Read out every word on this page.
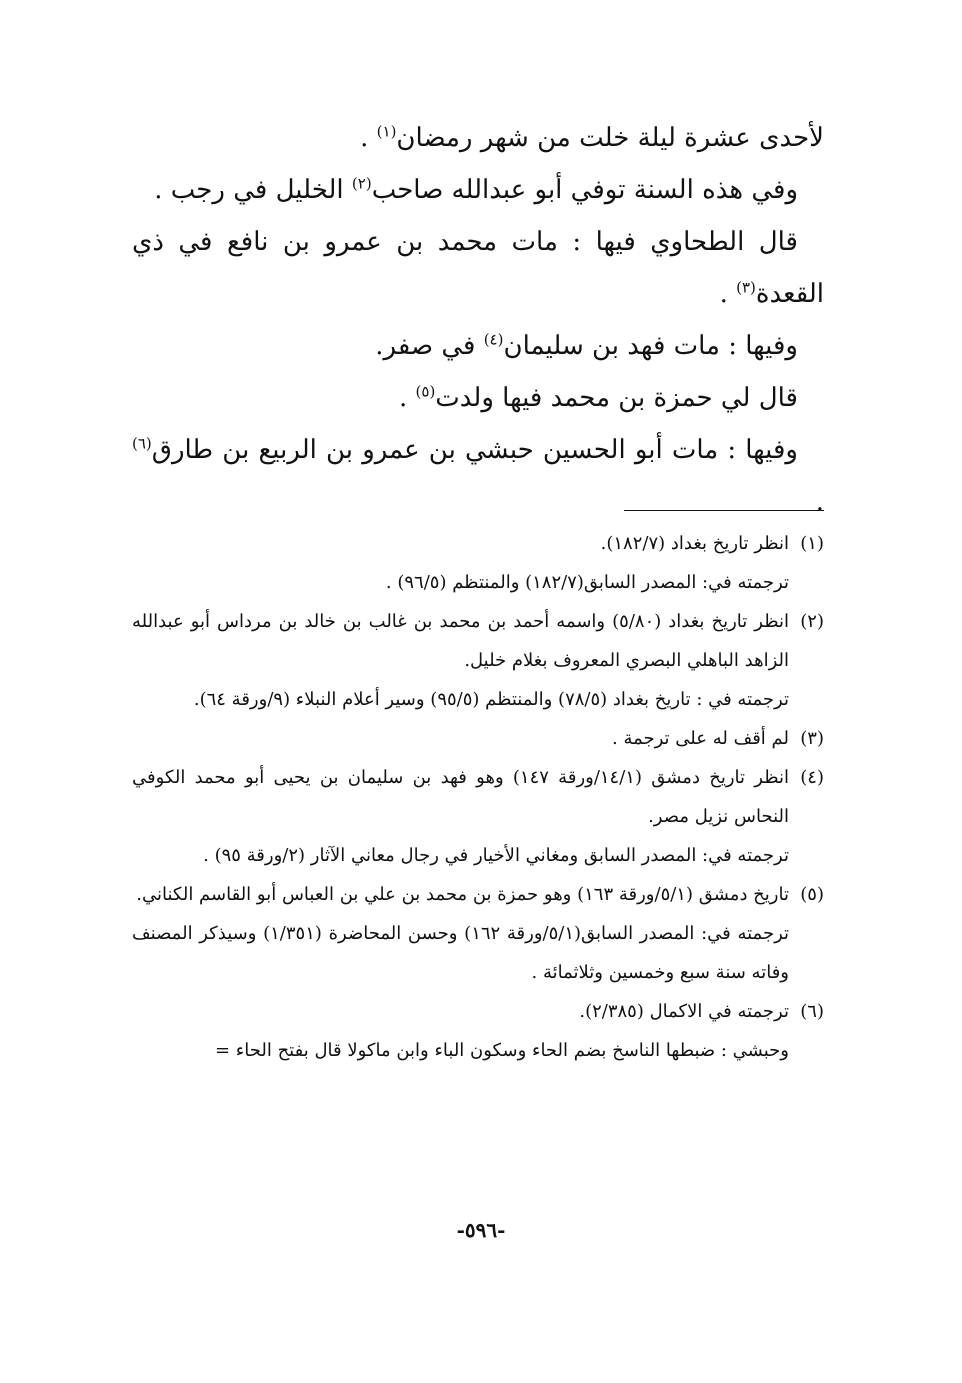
لأحدى عشرة ليلة خلت من شهر رمضان$^{(١)}$ .

وفي هذه السنة توفي أبو عبدالله صاحب$^{(٢)}$ الخليل في رجب .

قال الطحاوي فيها : مات محمد بن عمرو بن نافع في ذي القعدة$^{(٣)}$ .

وفيها : مات فهد بن سليمان$^{(٤)}$ في صفر.

قال لي حمزة بن محمد فيها ولدت$^{(٥)}$ .

وفيها : مات أبو الحسين حبشي بن عمرو بن الربيع بن طارق$^{(٦)}$ .

(١)انظر تاريخ بغداد (١٨٢/٧).

ترجمته في: المصدر السابق(١٨٢/٧) والمنتظم (٩٦/٥) .

(٢)انظر تاريخ بغداد (٥/٨٠) واسمه أحمد بن محمد بن غالب بن خالد بن مرداس أبو عبدالله الزاهد الباهلي البصري المعروف بغلام خليل.

ترجمته في : تاريخ بغداد (٧٨/٥) والمنتظم (٩٥/٥) وسير أعلام النبلاء (٩/ورقة ٦٤).

(٣)لم أقف له على ترجمة .

(٤)انظر تاريخ دمشق (١٤/١/ورقة ١٤٧) وهو فهد بن سليمان بن يحيى أبو محمد الكوفي النحاس نزيل مصر.

ترجمته في: المصدر السابق ومغاني الأخيار في رجال معاني الآثار (٢/ورقة ٩٥) .

(٥)تاريخ دمشق (٥/١/ورقة ١٦٣) وهو حمزة بن محمد بن علي بن العباس أبو القاسم الكناني.

ترجمته في: المصدر السابق(٥/١/ورقة ١٦٢) وحسن المحاضرة (١/٣٥١) وسيذكر المصنف وفاته سنة سبع وخمسين وثلاثمائة .

(٦)ترجمته في الاكمال (٢/٣٨٥).

وحبشي : ضبطها الناسخ بضم الحاء وسكون الباء وابن ماكولا قال بفتح الحاء =

-٥٩٦-
